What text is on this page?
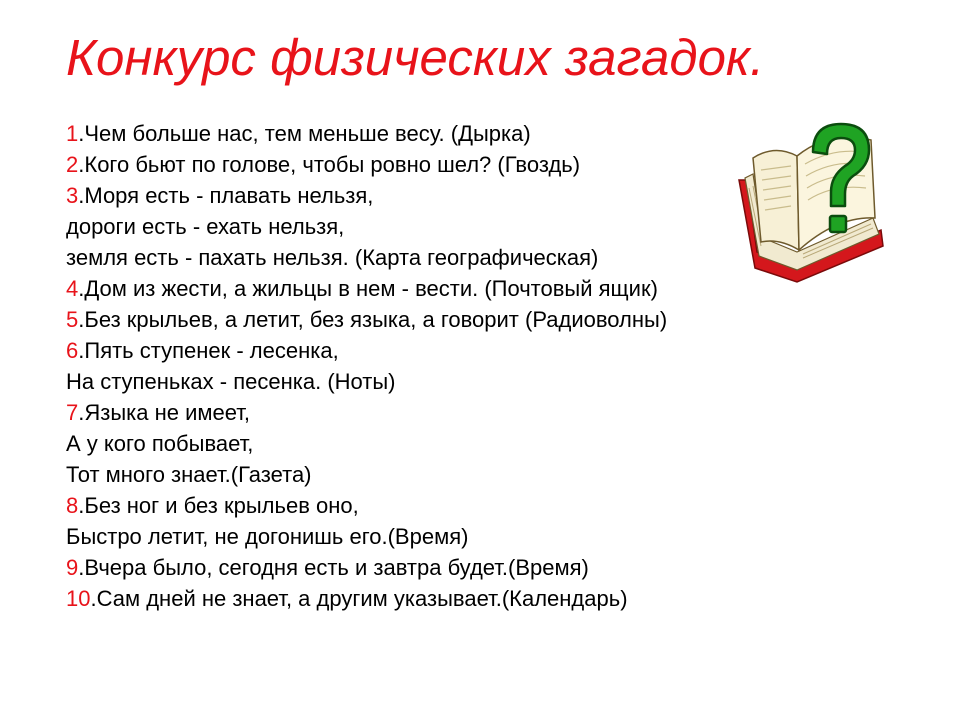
Конкурс физических загадок.
1.Чем больше нас, тем меньше весу. (Дырка)
2.Кого бьют по голове, чтобы ровно шел? (Гвоздь)
3.Моря есть - плавать нельзя,
дороги есть - ехать нельзя,
земля есть - пахать нельзя. (Карта географическая)
4.Дом из жести, а жильцы в нем - вести. (Почтовый ящик)
5.Без крыльев, а летит, без языка, а говорит (Радиоволны)
6.Пять ступенек - лесенка,
На ступеньках - песенка. (Ноты)
7.Языка не имеет,
А у кого побывает,
Тот много знает.(Газета)
8.Без ног и без крыльев оно,
Быстро летит, не догонишь его.(Время)
9.Вчера было, сегодня есть и завтра будет.(Время)
10.Сам дней не знает, а другим указывает.(Календарь)
